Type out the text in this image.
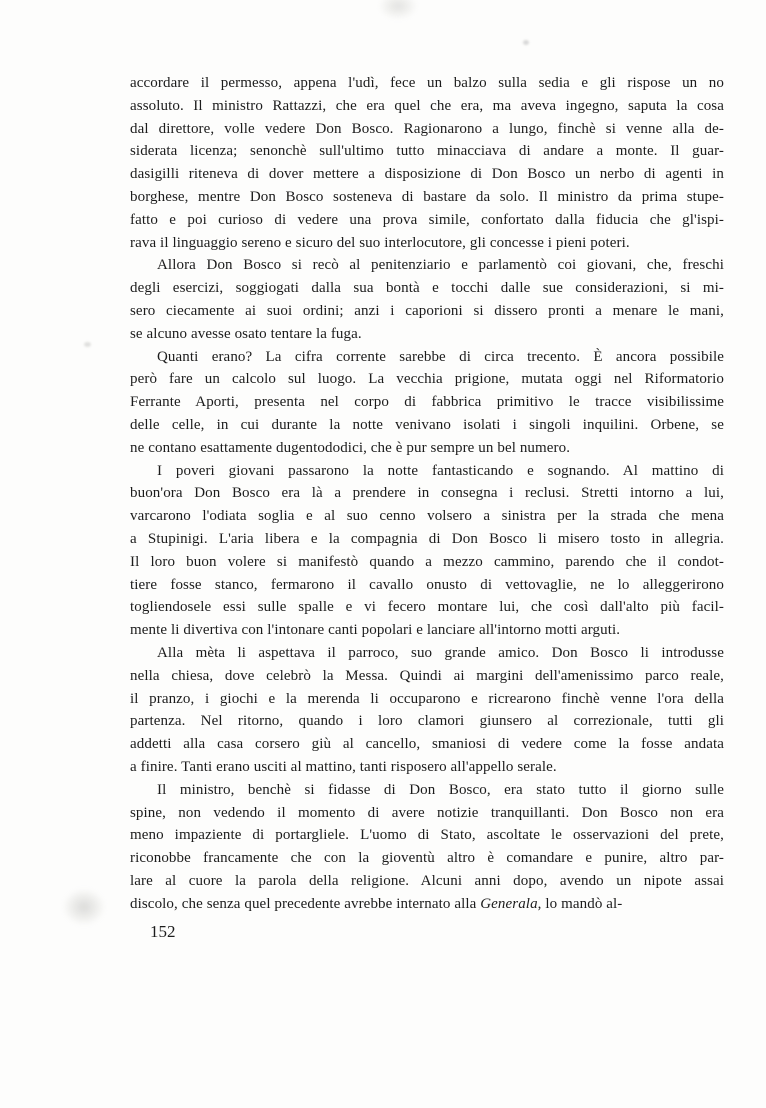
accordare il permesso, appena l'udì, fece un balzo sulla sedia e gli rispose un no
assoluto. Il ministro Rattazzi, che era quel che era, ma aveva ingegno, saputa la cosa
dal direttore, volle vedere Don Bosco. Ragionarono a lungo, finchè si venne alla de-
siderata licenza; senonchè sull'ultimo tutto minacciava di andare a monte. Il guar-
dasigilli riteneva di dover mettere a disposizione di Don Bosco un nerbo di agenti in
borghese, mentre Don Bosco sosteneva di bastare da solo. Il ministro da prima stupe-
fatto e poi curioso di vedere una prova simile, confortato dalla fiducia che gl'ispi-
rava il linguaggio sereno e sicuro del suo interlocutore, gli concesse i pieni poteri.
Allora Don Bosco si recò al penitenziario e parlamentò coi giovani, che, freschi
degli esercizi, soggiogati dalla sua bontà e tocchi dalle sue considerazioni, si mi-
sero ciecamente ai suoi ordini; anzi i caporioni si dissero pronti a menare le mani,
se alcuno avesse osato tentare la fuga.
Quanti erano? La cifra corrente sarebbe di circa trecento. È ancora possibile
però fare un calcolo sul luogo. La vecchia prigione, mutata oggi nel Riformatorio
Ferrante Aporti, presenta nel corpo di fabbrica primitivo le tracce visibilissime
delle celle, in cui durante la notte venivano isolati i singoli inquilini. Orbene, se
ne contano esattamente dugentododici, che è pur sempre un bel numero.
I poveri giovani passarono la notte fantasticando e sognando. Al mattino di
buon'ora Don Bosco era là a prendere in consegna i reclusi. Stretti intorno a lui,
varcarono l'odiata soglia e al suo cenno volsero a sinistra per la strada che mena
a Stupinigi. L'aria libera e la compagnia di Don Bosco li misero tosto in allegria.
Il loro buon volere si manifestò quando a mezzo cammino, parendo che il condot-
tiere fosse stanco, fermarono il cavallo onusto di vettovaglie, ne lo alleggerirono
togliendosele essi sulle spalle e vi fecero montare lui, che così dall'alto più facil-
mente li divertiva con l'intonare canti popolari e lanciare all'intorno motti arguti.
Alla mèta li aspettava il parroco, suo grande amico. Don Bosco li introdusse
nella chiesa, dove celebrò la Messa. Quindi ai margini dell'amenissimo parco reale,
il pranzo, i giochi e la merenda li occuparono e ricrearono finchè venne l'ora della
partenza. Nel ritorno, quando i loro clamori giunsero al correzionale, tutti gli
addetti alla casa corsero giù al cancello, smaniosi di vedere come la fosse andata
a finire. Tanti erano usciti al mattino, tanti risposero all'appello serale.
Il ministro, benchè si fidasse di Don Bosco, era stato tutto il giorno sulle
spine, non vedendo il momento di avere notizie tranquillanti. Don Bosco non era
meno impaziente di portargliele. L'uomo di Stato, ascoltate le osservazioni del prete,
riconobbe francamente che con la gioventù altro è comandare e punire, altro par-
lare al cuore la parola della religione. Alcuni anni dopo, avendo un nipote assai
discolo, che senza quel precedente avrebbe internato alla Generala, lo mandò al-
152
